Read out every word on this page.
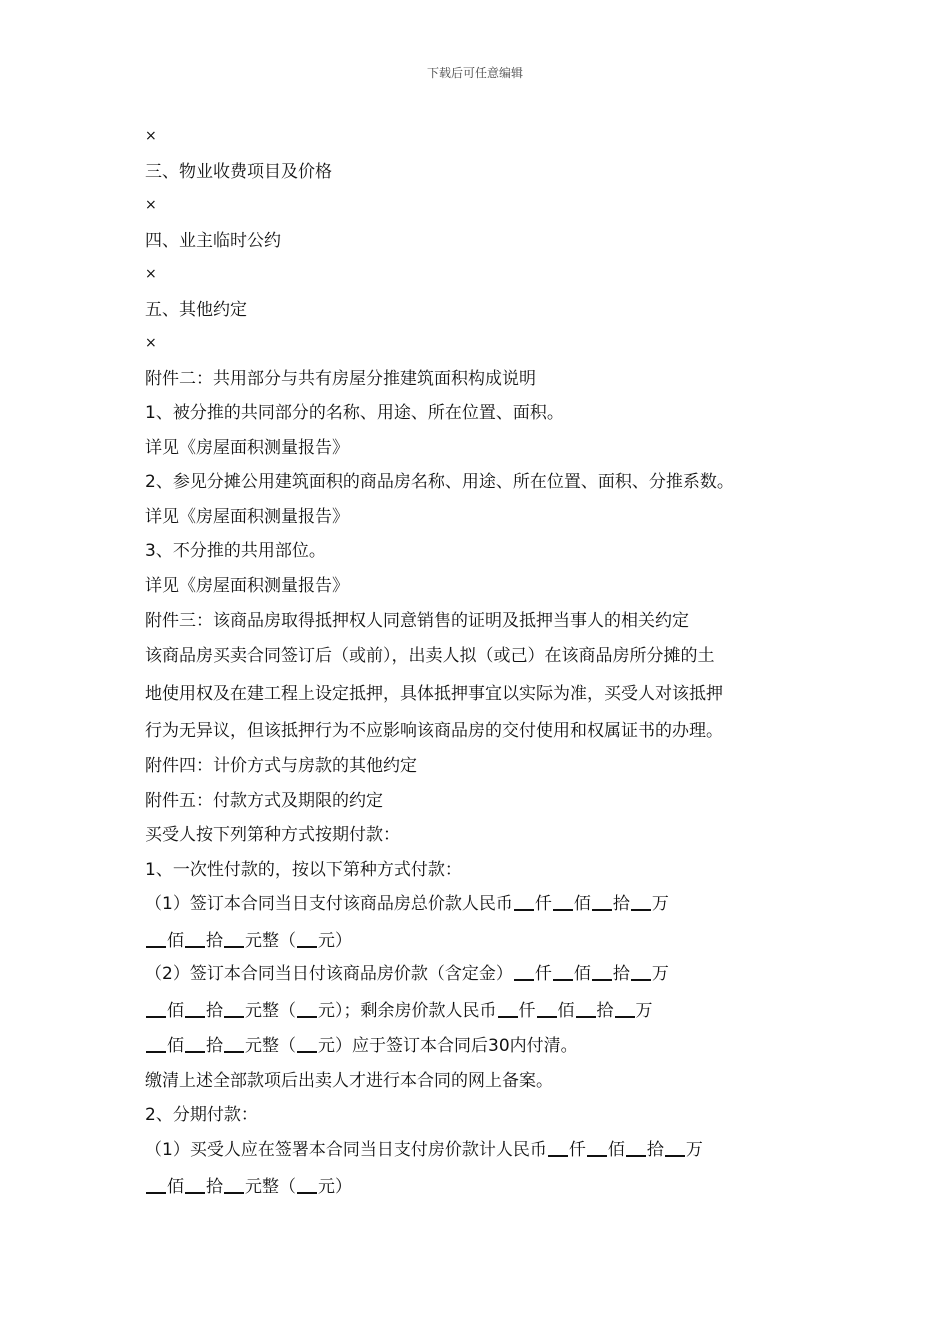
下载后可任意编辑
×
三、物业收费项目及价格
×
四、业主临时公约
×
五、其他约定
×
附件二：共用部分与共有房屋分推建筑面积构成说明
1、被分推的共同部分的名称、用途、所在位置、面积。
详见《房屋面积测量报告》
2、参见分摊公用建筑面积的商品房名称、用途、所在位置、面积、分推系数。
详见《房屋面积测量报告》
3、不分推的共用部位。
详见《房屋面积测量报告》
附件三：该商品房取得抵押权人同意销售的证明及抵押当事人的相关约定
该商品房买卖合同签订后（或前），出卖人拟（或己）在该商品房所分摊的土
地使用权及在建工程上设定抵押，具体抵押事宜以实际为准，买受人对该抵押
行为无异议，但该抵押行为不应影响该商品房的交付使用和权属证书的办理。
附件四：计价方式与房款的其他约定
附件五：付款方式及期限的约定
买受人按下列第种方式按期付款：
1、一次性付款的，按以下第种方式付款：
（1）签订本合同当日支付该商品房总价款人民币 仟 佰 拾 万
佰 拾 元整（ 元）
（2）签订本合同当日付该商品房价款（含定金） 仟 佰 拾 万
佰 拾 元整（ 元）；剩余房价款人民币 仟 佰 拾 万
佰 拾 元整（ 元）应于签订本合同后30内付清。
缴清上述全部款项后出卖人才进行本合同的网上备案。
2、分期付款：
（1）买受人应在签署本合同当日支付房价款计人民币 仟 佰 拾 万
佰 拾 元整（ 元）
